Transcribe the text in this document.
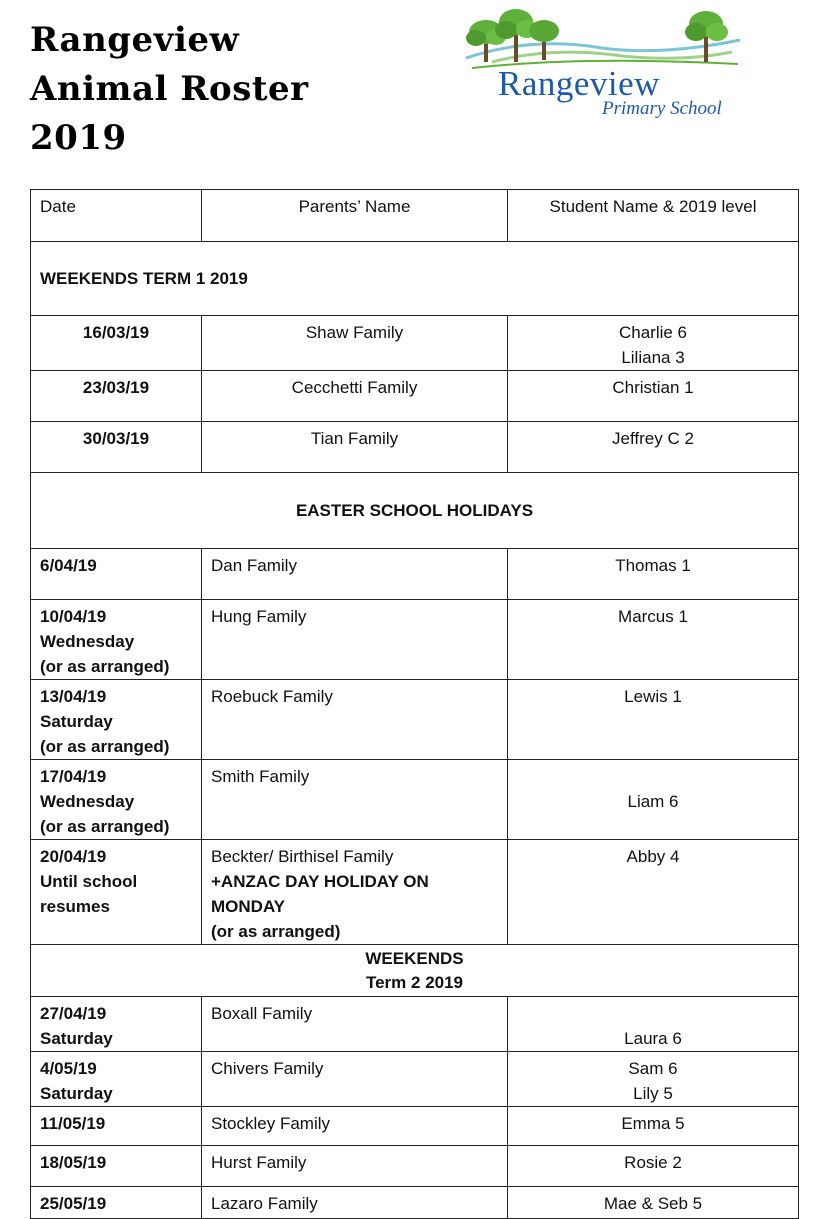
Rangeview
Animal Roster
2019
Rangeview
Primary School
Date	Parents’ Name	Student Name & 2019 level
WEEKENDS TERM 1 2019		
16/03/19	Shaw Family	Charlie 6
Liliana 3

23/03/19	Cecchetti Family	Christian 1
30/03/19	Tian Family	Jeffrey C 2
EASTER SCHOOL HOLIDAYS		
6/04/19	Dan Family	Thomas 1

10/04/19
Wednesday
(or as arranged)	Hung Family	Marcus 1

13/04/19
Saturday
(or as arranged)	Roebuck Family	Lewis 1

17/04/19
Wednesday
(or as arranged)	Smith Family	Liam 6

20/04/19
Until school
resumes	Beckter/ Birthisel Family
+ANZAC DAY HOLIDAY ON
MONDAY
(or as arranged)	Abby 4

WEEKENDS
Term 2 2019		

27/04/19
Saturday	Boxall Family	Laura 6

4/05/19
Saturday	Chivers Family	Sam 6
Lily 5

11/05/19	Stockley Family	Emma 5
18/05/19	Hurst Family	Rosie 2
25/05/19	Lazaro Family	Mae & Seb 5
